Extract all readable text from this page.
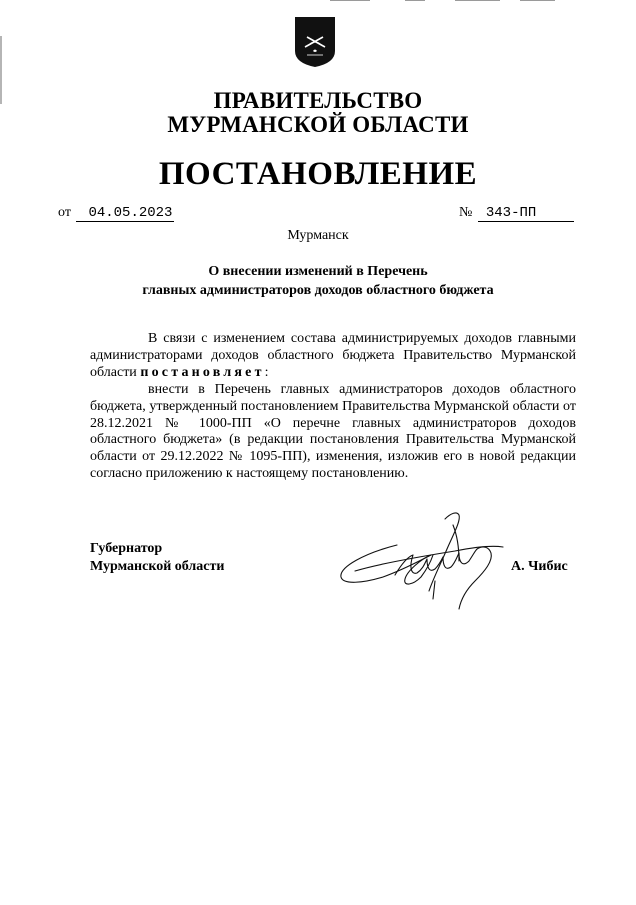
ПРАВИТЕЛЬСТВО
МУРМАНСКОЙ ОБЛАСТИ
ПОСТАНОВЛЕНИЕ
от 04.05.2023	№ 343-ПП
Мурманск
О внесении изменений в Перечень
главных администраторов доходов областного бюджета
В связи с изменением состава администрируемых доходов главными администраторами доходов областного бюджета Правительство Мурманской области постановляет:
внести в Перечень главных администраторов доходов областного бюджета, утвержденный постановлением Правительства Мурманской области от 28.12.2021 № 1000-ПП «О перечне главных администраторов доходов областного бюджета» (в редакции постановления Правительства Мурманской области от 29.12.2022 № 1095-ПП), изменения, изложив его в новой редакции согласно приложению к настоящему постановлению.
Губернатор
Мурманской области	А. Чибис
